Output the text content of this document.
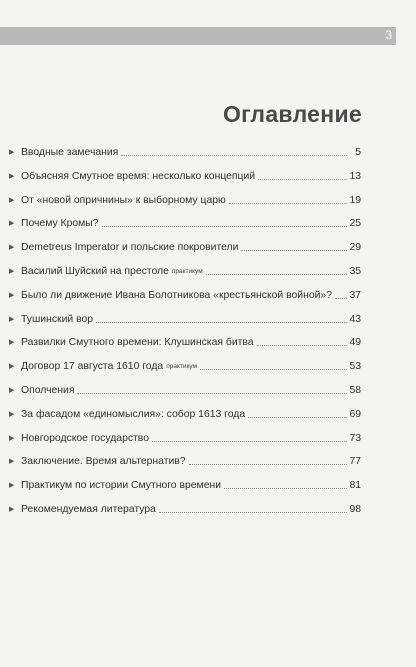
3
Оглавление
▶ Вводные замечания	5
▶ Объясняя Смутное время: несколько концепций	13
▶ От «новой опричнины» к выборному царю	19
▶ Почему Кромы?	25
▶ Demetreus Imperator и польские покровители	29
▶ Василий Шуйский на престоле практикум	35
▶ Было ли движение Ивана Болотникова «крестьянской войной»? 37
▶ Тушинский вор	43
▶ Развилки Смутного времени: Клушинская битва	49
▶ Договор 17 августа 1610 года практикум	53
▶ Ополчения	58
▶ За фасадом «единомыслия»: собор 1613 года	69
▶ Новгородское государство	73
▶ Заключение. Время альтернатив?	77
▶ Практикум по истории Смутного времени	81
▶ Рекомендуемая литература	98
